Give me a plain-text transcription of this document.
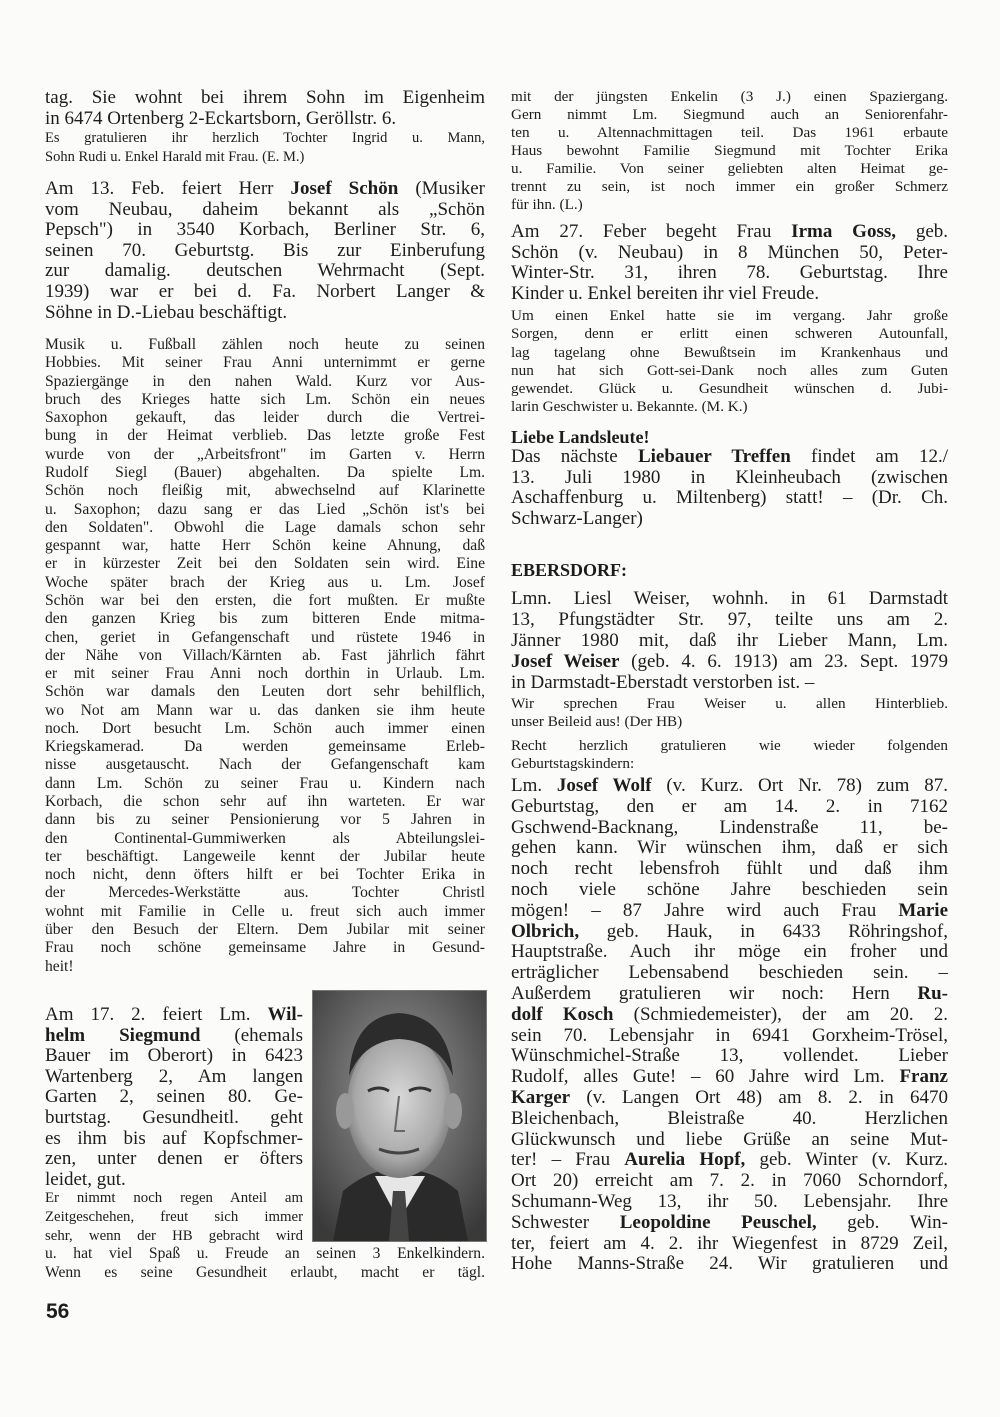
tag. Sie wohnt bei ihrem Sohn im Eigenheim
in 6474 Ortenberg 2-Eckartsborn, Geröllstr. 6.
Es gratulieren ihr herzlich Tochter Ingrid u. Mann,
Sohn Rudi u. Enkel Harald mit Frau. (E. M.)
Am 13. Feb. feiert Herr Josef Schön (Musiker
vom Neubau, daheim bekannt als „Schön
Pepsch") in 3540 Korbach, Berliner Str. 6,
seinen 70. Geburtstg. Bis zur Einberufung
zur damalig. deutschen Wehrmacht (Sept.
1939) war er bei d. Fa. Norbert Langer &
Söhne in D.-Liebau beschäftigt.
Musik u. Fußball zählen noch heute zu seinen
Hobbies. Mit seiner Frau Anni unternimmt er gerne
Spaziergänge in den nahen Wald. Kurz vor Aus-
bruch des Krieges hatte sich Lm. Schön ein neues
Saxophon gekauft, das leider durch die Vertrei-
bung in der Heimat verblieb. Das letzte große Fest
wurde von der „Arbeitsfront" im Garten v. Herrn
Rudolf Siegl (Bauer) abgehalten. Da spielte Lm.
Schön noch fleißig mit, abwechselnd auf Klarinette
u. Saxophon; dazu sang er das Lied „Schön ist's bei
den Soldaten". Obwohl die Lage damals schon sehr
gespannt war, hatte Herr Schön keine Ahnung, daß
er in kürzester Zeit bei den Soldaten sein wird. Eine
Woche später brach der Krieg aus u. Lm. Josef
Schön war bei den ersten, die fort mußten. Er mußte
den ganzen Krieg bis zum bitteren Ende mitma-
chen, geriet in Gefangenschaft und rüstete 1946 in
der Nähe von Villach/Kärnten ab. Fast jährlich fährt
er mit seiner Frau Anni noch dorthin in Urlaub. Lm.
Schön war damals den Leuten dort sehr behilflich,
wo Not am Mann war u. das danken sie ihm heute
noch. Dort besucht Lm. Schön auch immer einen
Kriegskamerad. Da werden gemeinsame Erleb-
nisse ausgetauscht. Nach der Gefangenschaft kam
dann Lm. Schön zu seiner Frau u. Kindern nach
Korbach, die schon sehr auf ihn warteten. Er war
dann bis zu seiner Pensionierung vor 5 Jahren in
den Continental-Gummiwerken als Abteilungslei-
ter beschäftigt. Langeweile kennt der Jubilar heute
noch nicht, denn öfters hilft er bei Tochter Erika in
der Mercedes-Werkstätte aus. Tochter Christl
wohnt mit Familie in Celle u. freut sich auch immer
über den Besuch der Eltern. Dem Jubilar mit seiner
Frau noch schöne gemeinsame Jahre in Gesund-
heit!
Am 17. 2. feiert Lm. Wil-
helm Siegmund (ehemals
Bauer im Oberort) in 6423
Wartenberg 2, Am langen
Garten 2, seinen 80. Ge-
burtstag. Gesundheitl. geht
es ihm bis auf Kopfschmer-
zen, unter denen er öfters
leidet, gut.
Er nimmt noch regen Anteil am
Zeitgeschehen, freut sich immer
sehr, wenn der HB gebracht wird
u. hat viel Spaß u. Freude an seinen 3 Enkelkindern.
Wenn es seine Gesundheit erlaubt, macht er tägl.
mit der jüngsten Enkelin (3 J.) einen Spaziergang.
Gern nimmt Lm. Siegmund auch an Seniorenfahr-
ten u. Altennachmittagen teil. Das 1961 erbaute
Haus bewohnt Familie Siegmund mit Tochter Erika
u. Familie. Von seiner geliebten alten Heimat ge-
trennt zu sein, ist noch immer ein großer Schmerz
für ihn. (L.)
Am 27. Feber begeht Frau Irma Goss, geb.
Schön (v. Neubau) in 8 München 50, Peter-
Winter-Str. 31, ihren 78. Geburtstag. Ihre
Kinder u. Enkel bereiten ihr viel Freude.
Um einen Enkel hatte sie im vergang. Jahr große
Sorgen, denn er erlitt einen schweren Autounfall,
lag tagelang ohne Bewußtsein im Krankenhaus und
nun hat sich Gott-sei-Dank noch alles zum Guten
gewendet. Glück u. Gesundheit wünschen d. Jubi-
larin Geschwister u. Bekannte. (M. K.)
Liebe Landsleute!
Das nächste Liebauer Treffen findet am 12./
13. Juli 1980 in Kleinheubach (zwischen
Aschaffenburg u. Miltenberg) statt! – (Dr. Ch.
Schwarz-Langer)
EBERSDORF:
Lmn. Liesl Weiser, wohnh. in 61 Darmstadt
13, Pfungstädter Str. 97, teilte uns am 2.
Jänner 1980 mit, daß ihr Lieber Mann, Lm.
Josef Weiser (geb. 4. 6. 1913) am 23. Sept. 1979
in Darmstadt-Eberstadt verstorben ist. –
Wir sprechen Frau Weiser u. allen Hinterblieb.
unser Beileid aus! (Der HB)
Recht herzlich gratulieren wie wieder folgenden
Geburtstagskindern:
Lm. Josef Wolf (v. Kurz. Ort Nr. 78) zum 87.
Geburtstag, den er am 14. 2. in 7162
Gschwend-Backnang, Lindenstraße 11, be-
gehen kann. Wir wünschen ihm, daß er sich
noch recht lebensfroh fühlt und daß ihm
noch viele schöne Jahre beschieden sein
mögen! – 87 Jahre wird auch Frau Marie
Olbrich, geb. Hauk, in 6433 Röhringshof,
Hauptstraße. Auch ihr möge ein froher und
erträglicher Lebensabend beschieden sein. –
Außerdem gratulieren wir noch: Hern Ru-
dolf Kosch (Schmiedemeister), der am 20. 2.
sein 70. Lebensjahr in 6941 Gorxheim-Trösel,
Wünschmichel-Straße 13, vollendet. Lieber
Rudolf, alles Gute! – 60 Jahre wird Lm. Franz
Karger (v. Langen Ort 48) am 8. 2. in 6470
Bleichenbach, Bleistraße 40. Herzlichen
Glückwunsch und liebe Grüße an seine Mut-
ter! – Frau Aurelia Hopf, geb. Winter (v. Kurz.
Ort 20) erreicht am 7. 2. in 7060 Schorndorf,
Schumann-Weg 13, ihr 50. Lebensjahr. Ihre
Schwester Leopoldine Peuschel, geb. Win-
ter, feiert am 4. 2. ihr Wiegenfest in 8729 Zeil,
Hohe Manns-Straße 24. Wir gratulieren und
56
